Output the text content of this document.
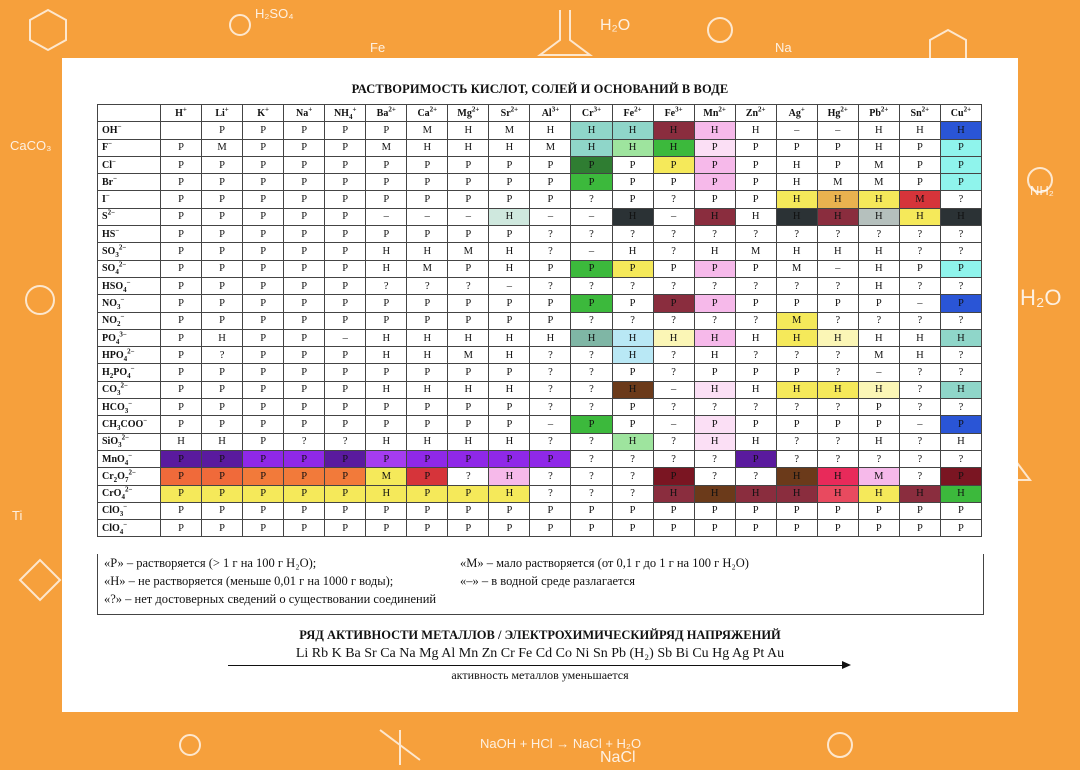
H₂SO₄
H₂O
NaOH + HCl → NaCl + H₂O
NaCl
H₂O
CaCO₃
NH₂
Ti
Fe	Na
РАСТВОРИМОСТЬ КИСЛОТ, СОЛЕЙ И ОСНОВАНИЙ В ВОДЕ
	H+	Li+	K+	Na+	$NH_4^+$	$Ba^{2+}$	$Ca^{2+}$	$Mg^{2+}$	$Sr^{2+}$	$Al^{3+}$	$Cr^{3+}$	$Fe^{2+}$	$Fe^{3+}$	$Mn^{2+}$	$Zn^{2+}$	Ag+	$Hg^{2+}$	$Pb^{2+}$	$Sn^{2+}$	$Cu^{2+}$
OH−		Р	Р	Р	Р	Р	М	Н	М	Н	Н	Н	Н	Н	Н	–	–	Н	Н	Н
F−	Р	М	Р	Р	Р	М	Н	Н	Н	М	Н	Н	Н	Р	Р	Р	Р	Н	Р	Р
Cl−	Р	Р	Р	Р	Р	Р	Р	Р	Р	Р	Р	Р	Р	Р	Р	Н	Р	М	Р	Р
Br−	Р	Р	Р	Р	Р	Р	Р	Р	Р	Р	Р	Р	Р	Р	Р	Н	М	М	Р	Р
I−	Р	Р	Р	Р	Р	Р	Р	Р	Р	Р	?	Р	?	Р	Р	Н	Н	Н	М	?
$S^{2-}$	Р	Р	Р	Р	Р	–	–	–	Н	–	–	Н	–	Н	Н	Н	Н	Н	Н	Н
HS−	Р	Р	Р	Р	Р	Р	Р	Р	Р	?	?	?	?	?	?	?	?	?	?	?
$SO_3^{2-}$	Р	Р	Р	Р	Р	Н	Н	М	Н	?	–	Н	?	Н	М	Н	Н	Н	?	?
$SO_4^{2-}$	Р	Р	Р	Р	Р	Н	М	Р	Н	Р	Р	Р	Р	Р	Р	М	–	Н	Р	Р
$HSO_4^-$	Р	Р	Р	Р	Р	?	?	?	–	?	?	?	?	?	?	?	?	Н	?	?
$NO_3^-$	Р	Р	Р	Р	Р	Р	Р	Р	Р	Р	Р	Р	Р	Р	Р	Р	Р	Р	–	Р
$NO_2^-$	Р	Р	Р	Р	Р	Р	Р	Р	Р	Р	?	?	?	?	?	М	?	?	?	?
$PO_4^{3-}$	Р	Н	Р	Р	–	Н	Н	Н	Н	Н	Н	Н	Н	Н	Н	Н	Н	Н	Н	Н
$HPO_4^{2-}$	Р	?	Р	Р	Р	Н	Н	М	Н	?	?	Н	?	Н	?	?	?	М	Н	?
$H_2PO_4^-$	Р	Р	Р	Р	Р	Р	Р	Р	Р	?	?	Р	?	Р	Р	Р	?	–	?	?
$CO_3^{2-}$	Р	Р	Р	Р	Р	Н	Н	Н	Н	?	?	Н	–	Н	Н	Н	Н	Н	?	Н
$HCO_3^-$	Р	Р	Р	Р	Р	Р	Р	Р	Р	?	?	Р	?	?	?	?	?	Р	?	?
$CH_3COO^-$	Р	Р	Р	Р	Р	Р	Р	Р	Р	–	Р	Р	–	Р	Р	Р	Р	Р	–	Р
SiO$_3^{2-}$	Н	Н	Р	?	?	Н	Н	Н	Н	?	?	Н	?	Н	Н	?	?	Н	?	Н
MnO$_4$−	Р	Р	Р	Р	Р	Р	Р	Р	Р	Р	?	?	?	?	Р	?	?	?	?	?
$Cr_2O_7^{2-}$	Р	Р	Р	Р	Р	М	Р	?	Н	?	?	?	Р	?	?	Н	Н	М	?	Р
CrO$_4^{2-}$	Р	Р	Р	Р	Р	Н	Р	Р	Н	?	?	?	Н	Н	Н	Н	Н	Н	Н	Н
ClO$_3$−	Р	Р	Р	Р	Р	Р	Р	Р	Р	Р	Р	Р	Р	Р	Р	Р	Р	Р	Р	Р
ClO$_4$−	Р	Р	Р	Р	Р	Р	Р	Р	Р	Р	Р	Р	Р	Р	Р	Р	Р	Р	Р	Р
«Р» – растворяется (> 1 г на 100 г H₂O);	«М» – мало растворяется (от 0,1 г до 1 г на 100 г H₂O)
«Н» – не растворяется (меньше 0,01 г на 1000 г воды);	«–» – в водной среде разлагается
«?» – нет достоверных сведений о существовании соединений
РЯД АКТИВНОСТИ МЕТАЛЛОВ / ЭЛЕКТРОХИМИЧЕСКИЙРЯД НАПРЯЖЕНИЙ
Li Rb K Ba Sr Ca Na Mg Al Mn Zn Cr Fe Cd Co Ni Sn Pb (H₂) Sb Bi Cu Hg Ag Pt Au
активность металлов уменьшается
